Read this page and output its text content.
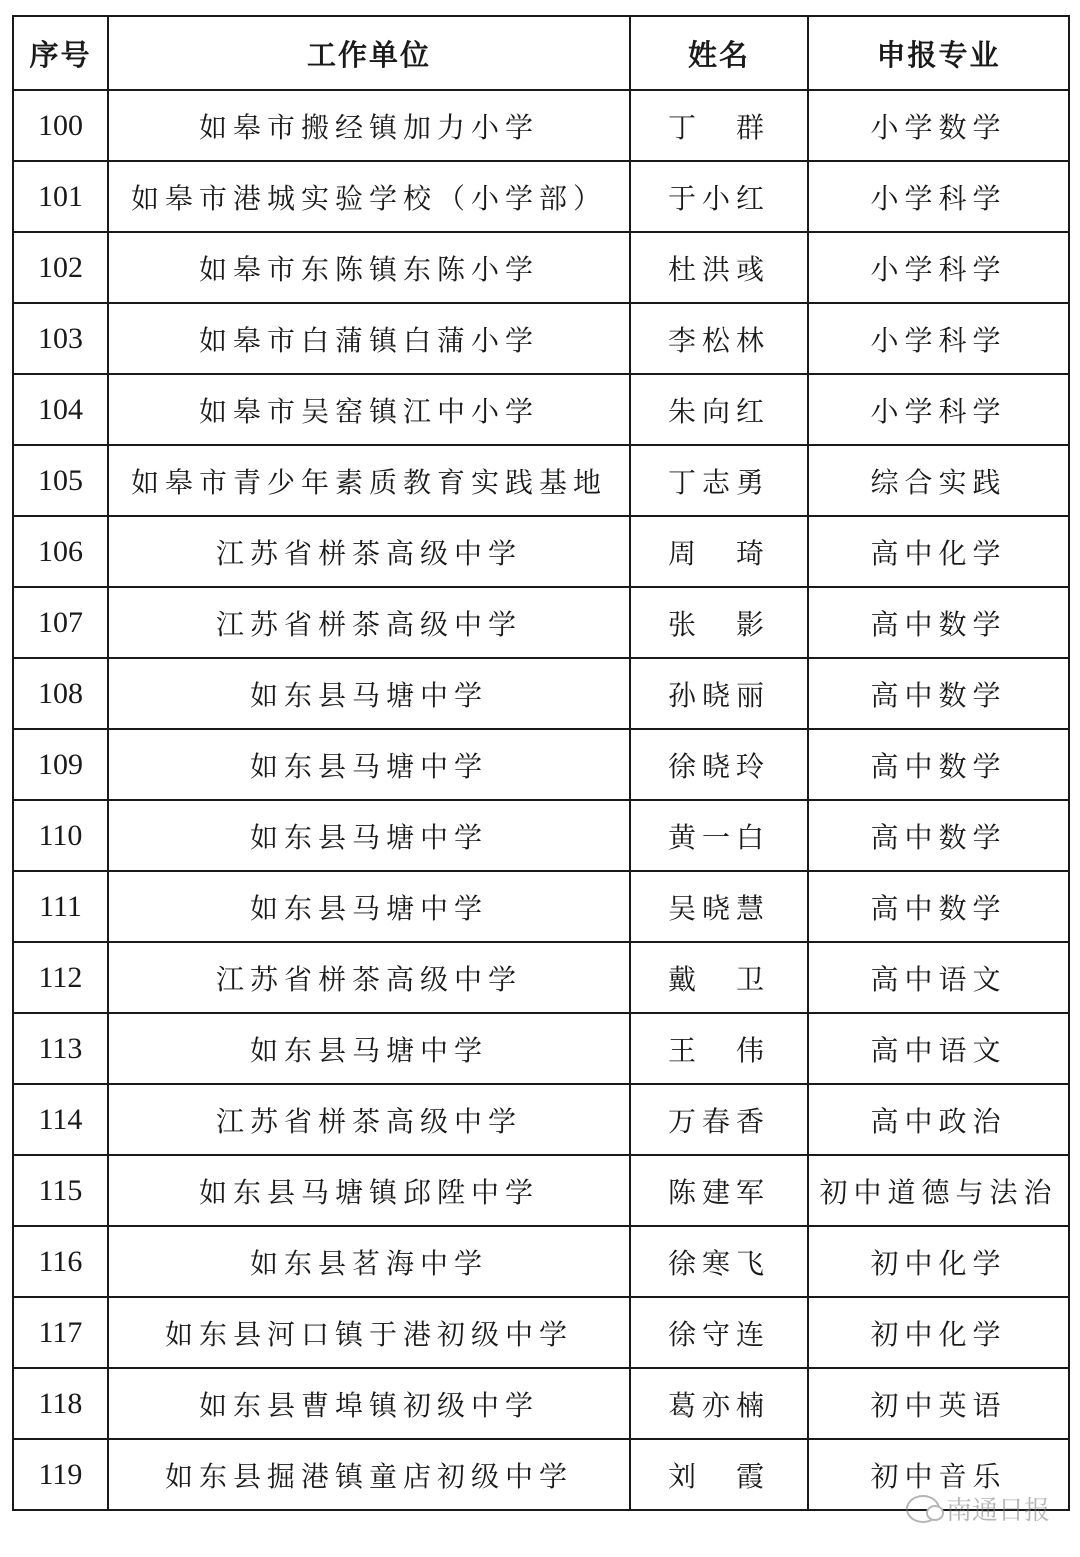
序号	工作单位	姓名	申报专业
100	如皋市搬经镇加力小学	丁　群	小学数学
101	如皋市港城实验学校（小学部）	于小红	小学科学
102	如皋市东陈镇东陈小学	杜洪彧	小学科学
103	如皋市白蒲镇白蒲小学	李松林	小学科学
104	如皋市吴窑镇江中小学	朱向红	小学科学
105	如皋市青少年素质教育实践基地	丁志勇	综合实践
106	江苏省栟茶高级中学	周　琦	高中化学
107	江苏省栟茶高级中学	张　影	高中数学
108	如东县马塘中学	孙晓丽	高中数学
109	如东县马塘中学	徐晓玲	高中数学
110	如东县马塘中学	黄一白	高中数学
111	如东县马塘中学	吴晓慧	高中数学
112	江苏省栟茶高级中学	戴　卫	高中语文
113	如东县马塘中学	王　伟	高中语文
114	江苏省栟茶高级中学	万春香	高中政治
115	如东县马塘镇邱陞中学	陈建军	初中道德与法治
116	如东县茗海中学	徐寒飞	初中化学
117	如东县河口镇于港初级中学	徐守连	初中化学
118	如东县曹埠镇初级中学	葛亦楠	初中英语
119	如东县掘港镇童店初级中学	刘　霞	初中音乐
南通日报
